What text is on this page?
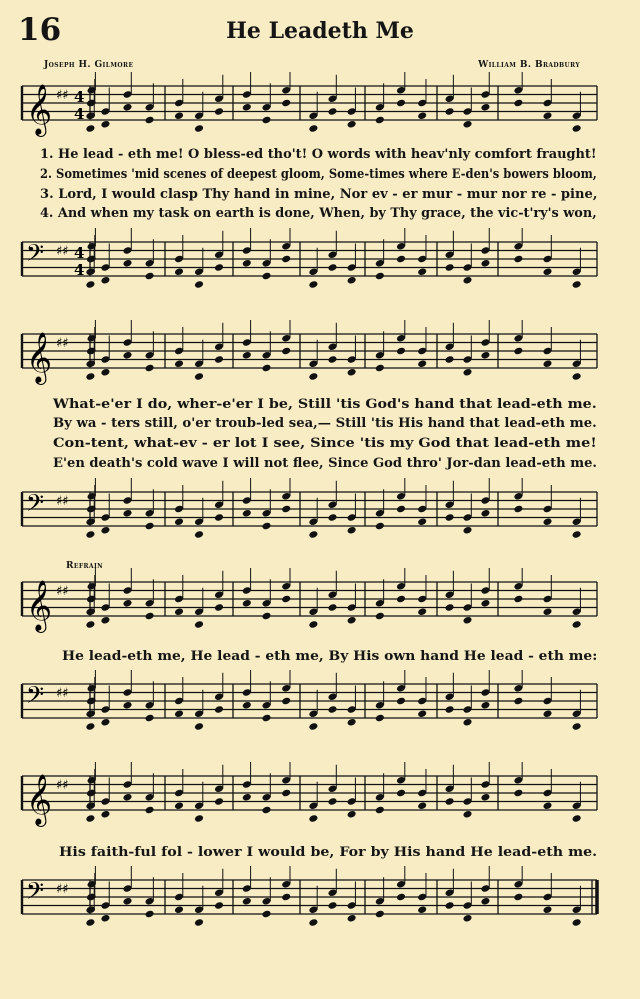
16	He Leadeth Me
Joseph H. Gilmore	William B. Bradbury
𝄞 ♯♯ 4
4
1. He lead - eth me! O bless-ed tho't! O words with heav'nly comfort fraught!
2. Sometimes 'mid scenes of deepest gloom, Some-times where E-den's bowers bloom,
3. Lord, I would clasp Thy hand in mine, Nor ev - er mur - mur nor re - pine,
4. And when my task on earth is done, When, by Thy grace, the vic-t'ry's won,
𝄢 ♯♯ 4
4
𝄞 ♯♯
What-e'er I do, wher-e'er I be, Still 'tis God's hand that lead-eth me.
By wa - ters still, o'er troub-led sea,— Still 'tis His hand that lead-eth me.
Con-tent, what-ev - er lot I see, Since 'tis my God that lead-eth me!
E'en death's cold wave I will not flee, Since God thro' Jor-dan lead-eth me.
𝄢 ♯♯
Refrain
𝄞 ♯♯
He lead-eth me, He lead - eth me, By His own hand He lead - eth me:
𝄢 ♯♯
𝄞 ♯♯
His faith-ful fol - lower I would be, For by His hand He lead-eth me.
𝄢 ♯♯
